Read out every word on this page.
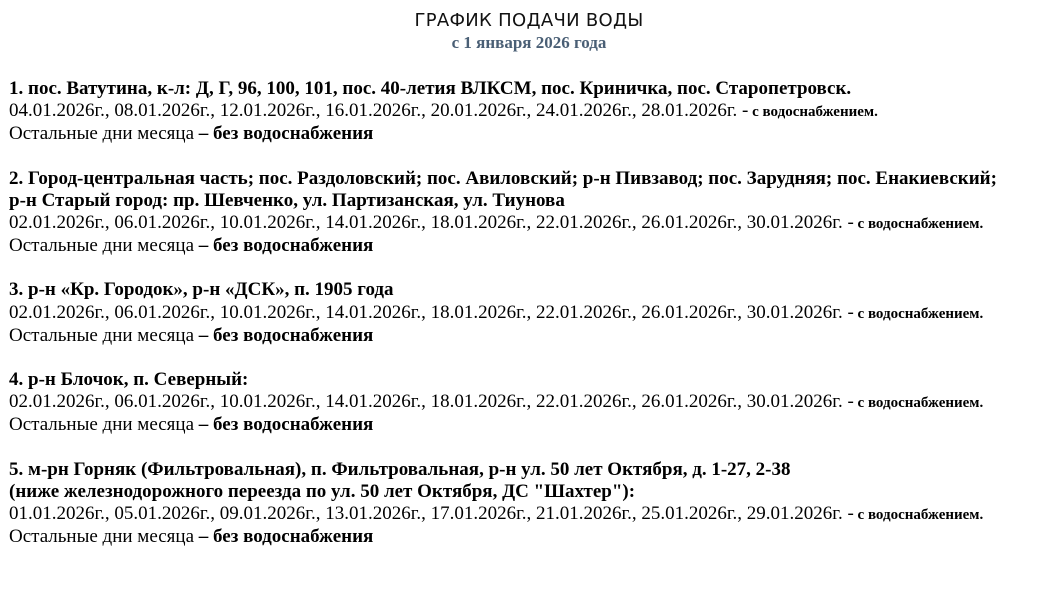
ГРАФИК ПОДАЧИ ВОДЫ
с 1 января 2026 года
1. пос. Ватутина, к-л: Д, Г, 96, 100, 101, пос. 40-летия ВЛКСМ, пос. Криничка, пос. Старопетровск.
04.01.2026г., 08.01.2026г., 12.01.2026г., 16.01.2026г., 20.01.2026г., 24.01.2026г., 28.01.2026г. - с водоснабжением.
Остальные дни месяца – без водоснабжения
2. Город-центральная часть; пос. Раздоловский; пос. Авиловский; р-н Пивзавод; пос. Зарудняя; пос. Енакиевский;
р-н Старый город: пр. Шевченко, ул. Партизанская, ул. Тиунова
02.01.2026г., 06.01.2026г., 10.01.2026г., 14.01.2026г., 18.01.2026г., 22.01.2026г., 26.01.2026г., 30.01.2026г. - с водоснабжением.
Остальные дни месяца – без водоснабжения
3. р-н «Кр. Городок», р-н «ДСК», п. 1905 года
02.01.2026г., 06.01.2026г., 10.01.2026г., 14.01.2026г., 18.01.2026г., 22.01.2026г., 26.01.2026г., 30.01.2026г. - с водоснабжением.
Остальные дни месяца – без водоснабжения
4. р-н Блочок, п. Северный:
02.01.2026г., 06.01.2026г., 10.01.2026г., 14.01.2026г., 18.01.2026г., 22.01.2026г., 26.01.2026г., 30.01.2026г. - с водоснабжением.
Остальные дни месяца – без водоснабжения
5. м-рн Горняк (Фильтровальная), п. Фильтровальная, р-н ул. 50 лет Октября, д. 1-27, 2-38
(ниже железнодорожного переезда по ул. 50 лет Октября, ДС "Шахтер"):
01.01.2026г., 05.01.2026г., 09.01.2026г., 13.01.2026г., 17.01.2026г., 21.01.2026г., 25.01.2026г., 29.01.2026г. - с водоснабжением.
Остальные дни месяца – без водоснабжения
